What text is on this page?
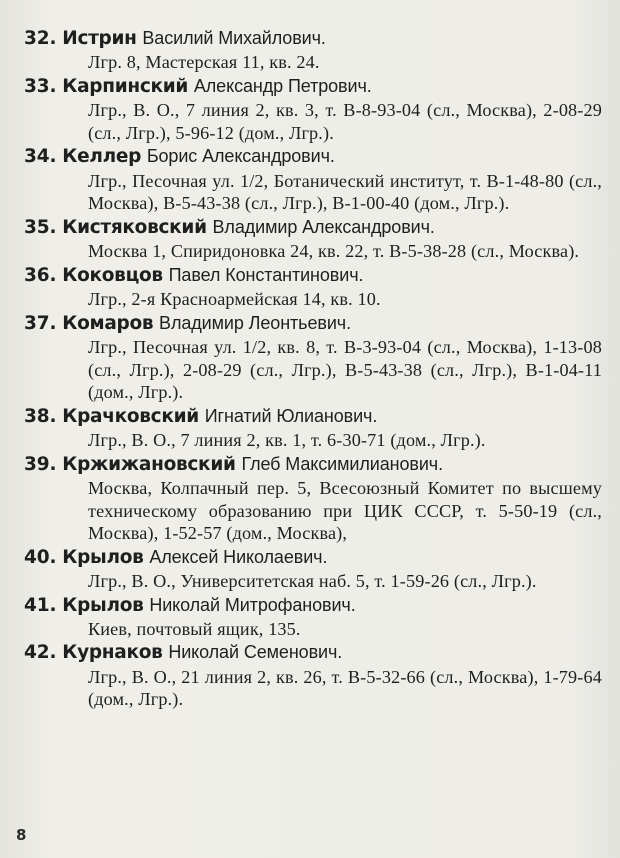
32. Истрин Василий Михайлович.
Лгр. 8, Мастерская 11, кв. 24.
33. Карпинский Александр Петрович.
Лгр., В. О., 7 линия 2, кв. 3, т. В-8-93-04 (сл., Москва), 2-08-29 (сл., Лгр.), 5-96-12 (дом., Лгр.).
34. Келлер Борис Александрович.
Лгр., Песочная ул. 1/2, Ботанический институт, т. В-1-48-80 (сл., Москва), В-5-43-38 (сл., Лгр.), В-1-00-40 (дом., Лгр.).
35. Кистяковский Владимир Александрович.
Москва 1, Спиридоновка 24, кв. 22, т. В-5-38-28 (сл., Москва).
36. Коковцов Павел Константинович.
Лгр., 2-я Красноармейская 14, кв. 10.
37. Комаров Владимир Леонтьевич.
Лгр., Песочная ул. 1/2, кв. 8, т. В-3-93-04 (сл., Москва), 1-13-08 (сл., Лгр.), 2-08-29 (сл., Лгр.), В-5-43-38 (сл., Лгр.), В-1-04-11 (дом., Лгр.).
38. Крачковский Игнатий Юлианович.
Лгр., В. О., 7 линия 2, кв. 1, т. 6-30-71 (дом., Лгр.).
39. Кржижановский Глеб Максимилианович.
Москва, Колпачный пер. 5, Всесоюзный Комитет по высшему техническому образованию при ЦИК СССР, т. 5-50-19 (сл., Москва), 1-52-57 (дом., Москва),
40. Крылов Алексей Николаевич.
Лгр., В. О., Университетская наб. 5, т. 1-59-26 (сл., Лгр.).
41. Крылов Николай Митрофанович.
Киев, почтовый ящик, 135.
42. Курнаков Николай Семенович.
Лгр., В. О., 21 линия 2, кв. 26, т. В-5-32-66 (сл., Москва), 1-79-64 (дом., Лгр.).
8
